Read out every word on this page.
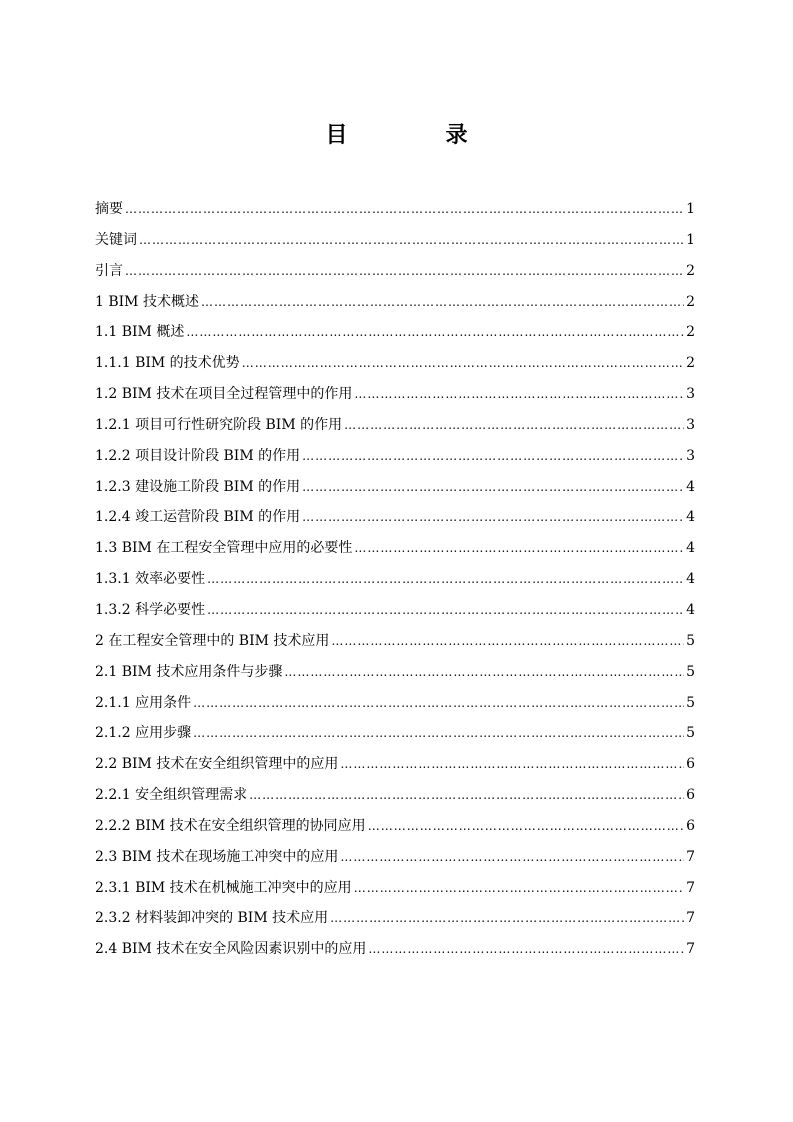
目　录
摘要 ……………………………………………………………………………………………………………………………………………………………………………………………………………………………………………………………	1
关键词 ……………………………………………………………………………………………………………………………………………………………………………………………………………………………………………………………	1
引言 ……………………………………………………………………………………………………………………………………………………………………………………………………………………………………………………………	2
1 BIM 技术概述 ……………………………………………………………………………………………………………………………………………………………………………………………………………………………………………………………	2
1.1 BIM 概述 ……………………………………………………………………………………………………………………………………………………………………………………………………………………………………………………………	2
1.1.1 BIM 的技术优势 ……………………………………………………………………………………………………………………………………………………………………………………………………………………………………………………………	2
1.2 BIM 技术在项目全过程管理中的作用 ……………………………………………………………………………………………………………………………………………………………………………………………………………………………………………………………	3
1.2.1 项目可行性研究阶段 BIM 的作用 ……………………………………………………………………………………………………………………………………………………………………………………………………………………………………………………………	3
1.2.2 项目设计阶段 BIM 的作用 ……………………………………………………………………………………………………………………………………………………………………………………………………………………………………………………………	3
1.2.3 建设施工阶段 BIM 的作用 ……………………………………………………………………………………………………………………………………………………………………………………………………………………………………………………………	4
1.2.4 竣工运营阶段 BIM 的作用 ……………………………………………………………………………………………………………………………………………………………………………………………………………………………………………………………	4
1.3 BIM 在工程安全管理中应用的必要性 ……………………………………………………………………………………………………………………………………………………………………………………………………………………………………………………………	4
1.3.1 效率必要性 ……………………………………………………………………………………………………………………………………………………………………………………………………………………………………………………………	4
1.3.2 科学必要性 ……………………………………………………………………………………………………………………………………………………………………………………………………………………………………………………………	4
2 在工程安全管理中的 BIM 技术应用 ……………………………………………………………………………………………………………………………………………………………………………………………………………………………………………………………	5
2.1 BIM 技术应用条件与步骤 ……………………………………………………………………………………………………………………………………………………………………………………………………………………………………………………………	5
2.1.1 应用条件 ……………………………………………………………………………………………………………………………………………………………………………………………………………………………………………………………	5
2.1.2 应用步骤 ……………………………………………………………………………………………………………………………………………………………………………………………………………………………………………………………	5
2.2 BIM 技术在安全组织管理中的应用 ……………………………………………………………………………………………………………………………………………………………………………………………………………………………………………………………	6
2.2.1 安全组织管理需求 ……………………………………………………………………………………………………………………………………………………………………………………………………………………………………………………………	6
2.2.2 BIM 技术在安全组织管理的协同应用 ……………………………………………………………………………………………………………………………………………………………………………………………………………………………………………………………	6
2.3 BIM 技术在现场施工冲突中的应用 ……………………………………………………………………………………………………………………………………………………………………………………………………………………………………………………………	7
2.3.1 BIM 技术在机械施工冲突中的应用 ……………………………………………………………………………………………………………………………………………………………………………………………………………………………………………………………	7
2.3.2 材料装卸冲突的 BIM 技术应用 ……………………………………………………………………………………………………………………………………………………………………………………………………………………………………………………………	7
2.4 BIM 技术在安全风险因素识别中的应用 ……………………………………………………………………………………………………………………………………………………………………………………………………………………………………………………………	7
